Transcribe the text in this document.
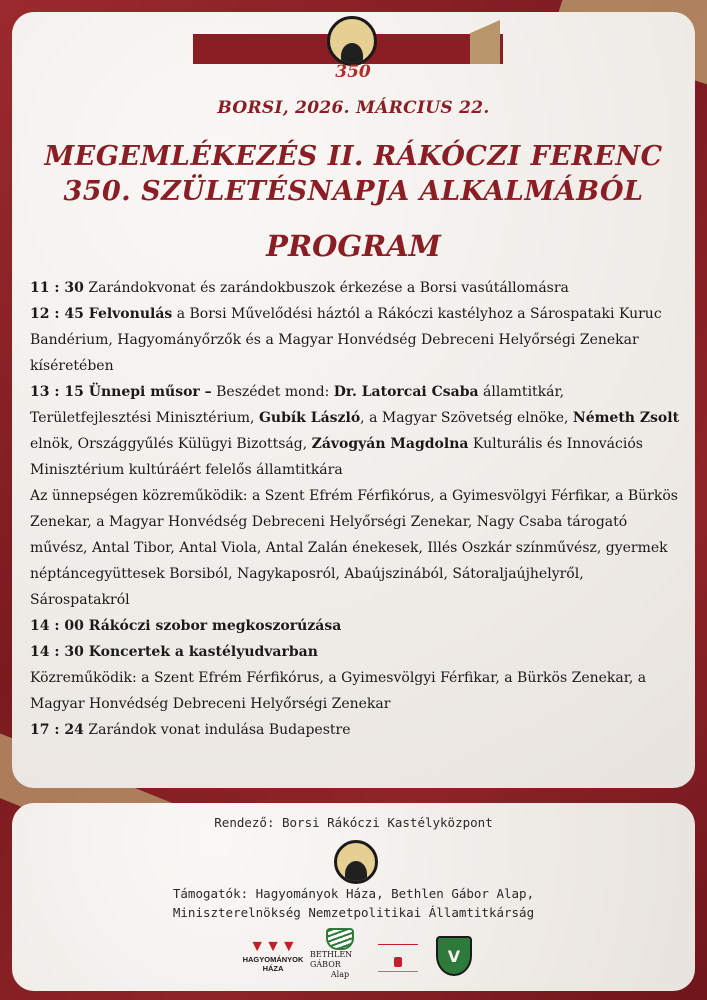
350
BORSI, 2026. MÁRCIUS 22.
MEGEMLÉKEZÉS II. RÁKÓCZI FERENC
350. SZÜLETÉSNAPJA ALKALMÁBÓL
PROGRAM

11 : 30 Zarándokvonat és zarándokbuszok érkezése a Borsi vasútállomásra

12 : 45 Felvonulás a Borsi Művelődési háztól a Rákóczi kastélyhoz a Sárospataki Kuruc Bandérium, Hagyományőrzők és a Magyar Honvédség Debreceni Helyőrségi Zenekar kíséretében

13 : 15 Ünnepi műsor – Beszédet mond: Dr. Latorcai Csaba államtitkár, Területfejlesztési Minisztérium, Gubík László, a Magyar Szövetség elnöke, Németh Zsolt elnök, Országgyűlés Külügyi Bizottság, Závogyán Magdolna Kulturális és Innovációs Minisztérium kultúráért felelős államtitkára

Az ünnepségen közreműködik: a Szent Efrém Férfikórus, a Gyimesvölgyi Férfikar, a Bürkös Zenekar, a Magyar Honvédség Debreceni Helyőrségi Zenekar, Nagy Csaba tárogató művész, Antal Tibor, Antal Viola, Antal Zalán énekesek, Illés Oszkár színművész, gyermek néptáncegyüttesek Borsiból, Nagykaposról, Abaújszinából, Sátoraljaújhelyről, Sárospatakról

14 : 00 Rákóczi szobor megkoszorúzása

14 : 30 Koncertek a kastélyudvarban

Közreműködik: a Szent Efrém Férfikórus, a Gyimesvölgyi Férfikar, a Bürkös Zenekar, a Magyar Honvédség Debreceni Helyőrségi Zenekar

17 : 24 Zarándok vonat indulása Budapestre

Rendező: Borsi Rákóczi Kastélyközpont
Támogatók: Hagyományok Háza, Bethlen Gábor Alap,
Miniszterelnökség Nemzetpolitikai Államtitkárság
▼▼▼
HAGYOMÁNYOK
HÁZA
BETHLEN GÁBOR
Alap
V
